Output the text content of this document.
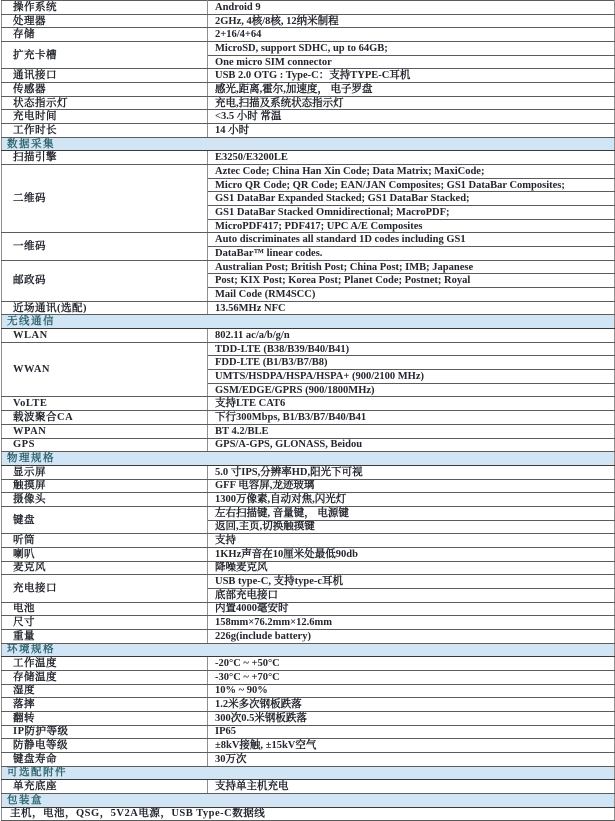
操作系统	Android 9
处理器	2GHz, 4核/8核, 12纳米制程
存储	2+16/4+64
扩充卡槽	MicroSD, support SDHC, up to 64GB;
	One micro SIM connector
通讯接口	USB 2.0 OTG : Type-C：支持TYPE-C耳机
传感器	感光,距离,霍尔,加速度， 电子罗盘
状态指示灯	充电,扫描及系统状态指示灯
充电时间	<3.5 小时 常温
工作时长	14 小时
数据采集	
扫描引擎	E3250/E3200LE
二维码	Aztec Code; China Han Xin Code; Data Matrix; MaxiCode;
	Micro QR Code; QR Code; EAN/JAN Composites; GS1 DataBar Composites;
	GS1 DataBar Expanded Stacked; GS1 DataBar Stacked;
	GS1 DataBar Stacked Omnidirectional; MacroPDF;
	MicroPDF417; PDF417; UPC A/E Composites
一维码	Auto discriminates all standard 1D codes including GS1
	DataBar™ linear codes.
邮政码	Australian Post; British Post; China Post; IMB; Japanese
	Post; KIX Post; Korea Post; Planet Code; Postnet; Royal
	Mail Code (RM4SCC)
近场通讯(选配)	13.56MHz NFC
无线通信	
WLAN	802.11 ac/a/b/g/n
WWAN	TDD-LTE (B38/B39/B40/B41)
	FDD-LTE (B1/B3/B7/B8)
	UMTS/HSDPA/HSPA/HSPA+ (900/2100 MHz)
	GSM/EDGE/GPRS (900/1800MHz)
VoLTE	支持LTE CAT6
载波聚合CA	下行300Mbps, B1/B3/B7/B40/B41
WPAN	BT 4.2/BLE
GPS	GPS/A-GPS, GLONASS, Beidou
物理规格	
显示屏	5.0 寸IPS,分辨率HD,阳光下可视
触摸屏	GFF 电容屏,龙迹玻璃
摄像头	1300万像素,自动对焦,闪光灯
键盘	左右扫描键, 音量键， 电源键
	返回,主页,切换触摸键
听筒	支持
喇叭	1KHz声音在10厘米处最低90db
麦克风	降噪麦克风
充电接口	USB type-C, 支持type-c耳机
	底部充电接口
电池	内置4000毫安时
尺寸	158mm×76.2mm×12.6mm
重量	226g(include battery)
环境规格	
工作温度	-20°C ~ +50°C
存储温度	-30°C ~ +70°C
湿度	10% ~ 90%
落摔	1.2米多次钢板跌落
翻转	300次0.5米钢板跌落
IP防护等级	IP65
防静电等级	±8kV接触, ±15kV空气
键盘寿命	30万次
可选配附件	
单充底座	支持单主机充电
包装盒	
主机，电池，QSG，5V2A电源，USB Type-C数据线	
